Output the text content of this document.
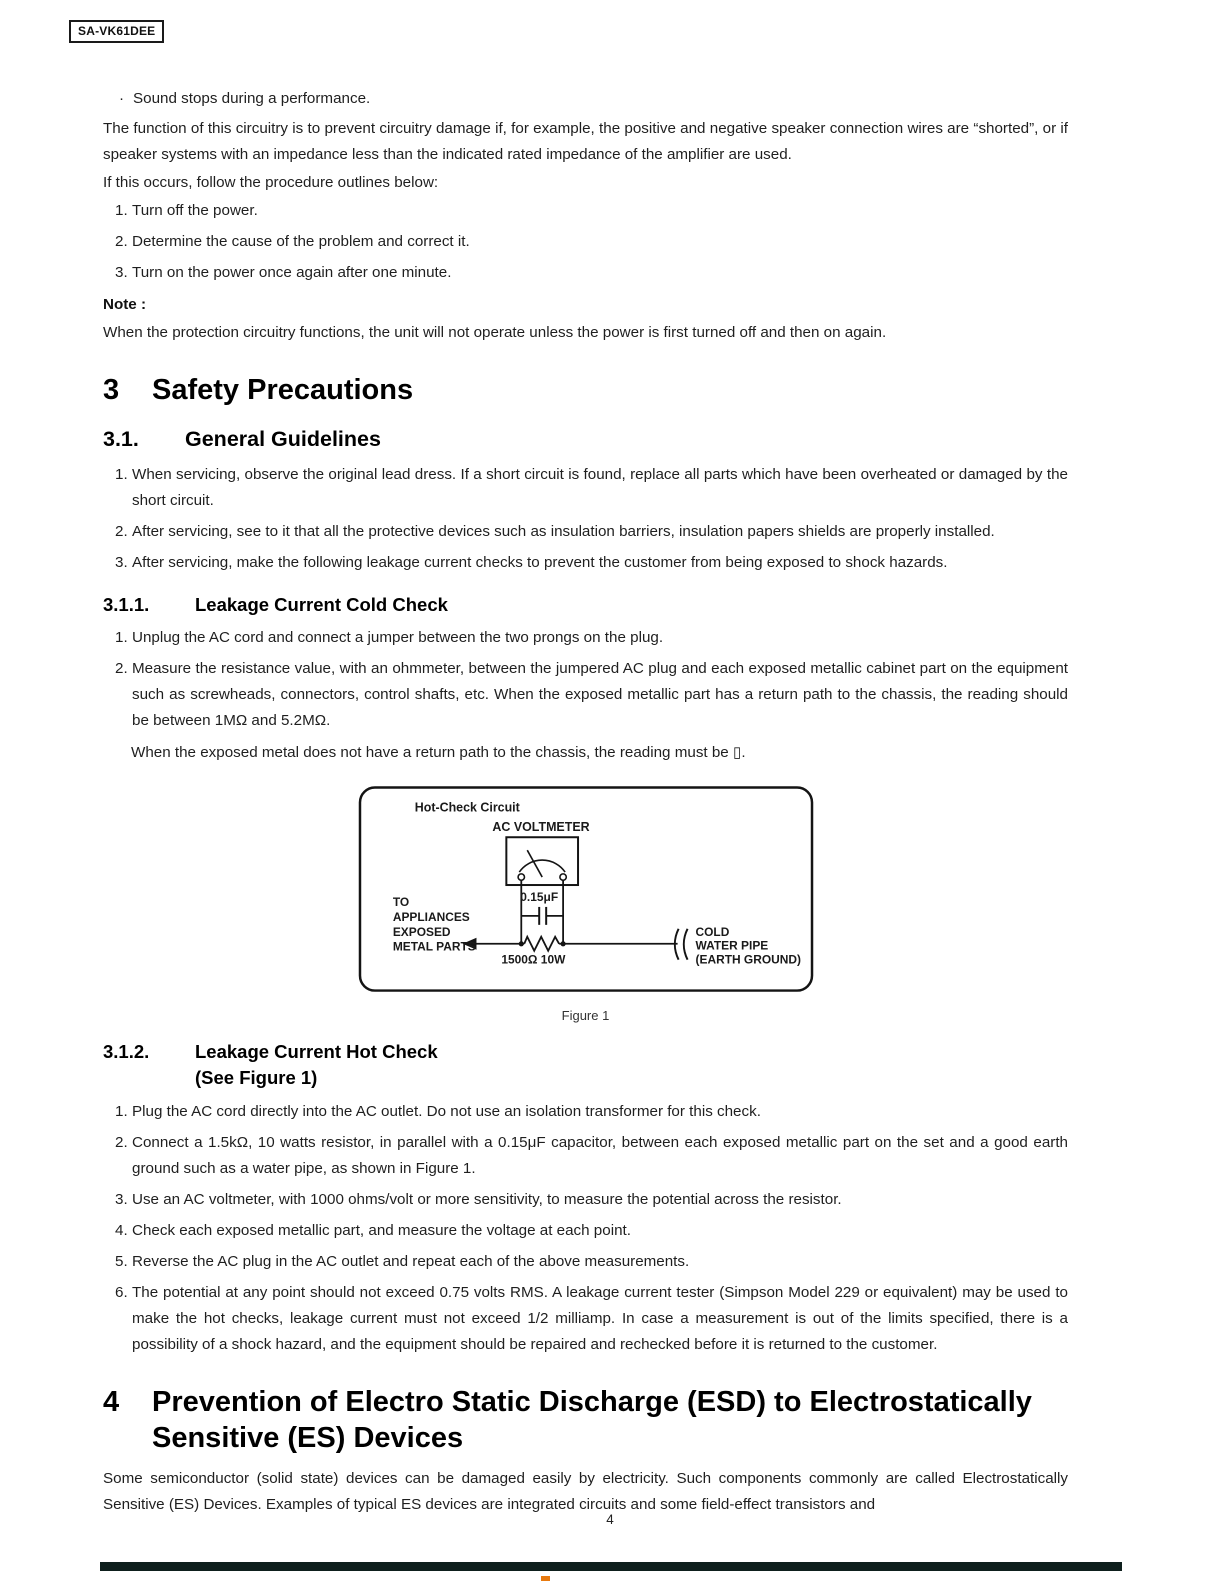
SA-VK61DEE
· Sound stops during a performance.

The function of this circuitry is to prevent circuitry damage if, for example, the positive and negative speaker connection wires are “shorted”, or if speaker systems with an impedance less than the indicated rated impedance of the amplifier are used.

If this occurs, follow the procedure outlines below:

1. Turn off the power.
2. Determine the cause of the problem and correct it.
3. Turn on the power once again after one minute.
Note :

When the protection circuitry functions, the unit will not operate unless the power is first turned off and then on again.

3	Safety Precautions
3.1.	General Guidelines
1. When servicing, observe the original lead dress. If a short circuit is found, replace all parts which have been overheated or damaged by the short circuit.
2. After servicing, see to it that all the protective devices such as insulation barriers, insulation papers shields are properly installed.
3. After servicing, make the following leakage current checks to prevent the customer from being exposed to shock hazards.
3.1.1.	Leakage Current Cold Check
1. Unplug the AC cord and connect a jumper between the two prongs on the plug.
2. Measure the resistance value, with an ohmmeter, between the jumpered AC plug and each exposed metallic cabinet part on the equipment such as screwheads, connectors, control shafts, etc. When the exposed metallic part has a return path to the chassis, the reading should be between 1MΩ and 5.2MΩ.
When the exposed metal does not have a return path to the chassis, the reading must be ▯.
Hot-Check Circuit
AC VOLTMETER
0.15μF
TO
APPLIANCES
EXPOSED
METAL PARTS
1500Ω 10W
COLD
WATER PIPE
(EARTH GROUND)
Figure 1
3.1.2.	Leakage Current Hot Check
(See Figure 1)
1. Plug the AC cord directly into the AC outlet. Do not use an isolation transformer for this check.
2. Connect a 1.5kΩ, 10 watts resistor, in parallel with a 0.15μF capacitor, between each exposed metallic part on the set and a good earth ground such as a water pipe, as shown in Figure 1.
3. Use an AC voltmeter, with 1000 ohms/volt or more sensitivity, to measure the potential across the resistor.
4. Check each exposed metallic part, and measure the voltage at each point.
5. Reverse the AC plug in the AC outlet and repeat each of the above measurements.
6. The potential at any point should not exceed 0.75 volts RMS. A leakage current tester (Simpson Model 229 or equivalent) may be used to make the hot checks, leakage current must not exceed 1/2 milliamp. In case a measurement is out of the limits specified, there is a possibility of a shock hazard, and the equipment should be repaired and rechecked before it is returned to the customer.
4	Prevention of Electro Static Discharge (ESD) to Electrostatically Sensitive (ES) Devices

Some semiconductor (solid state) devices can be damaged easily by electricity. Such components commonly are called Electrostatically Sensitive (ES) Devices. Examples of typical ES devices are integrated circuits and some field-effect transistors and

4
